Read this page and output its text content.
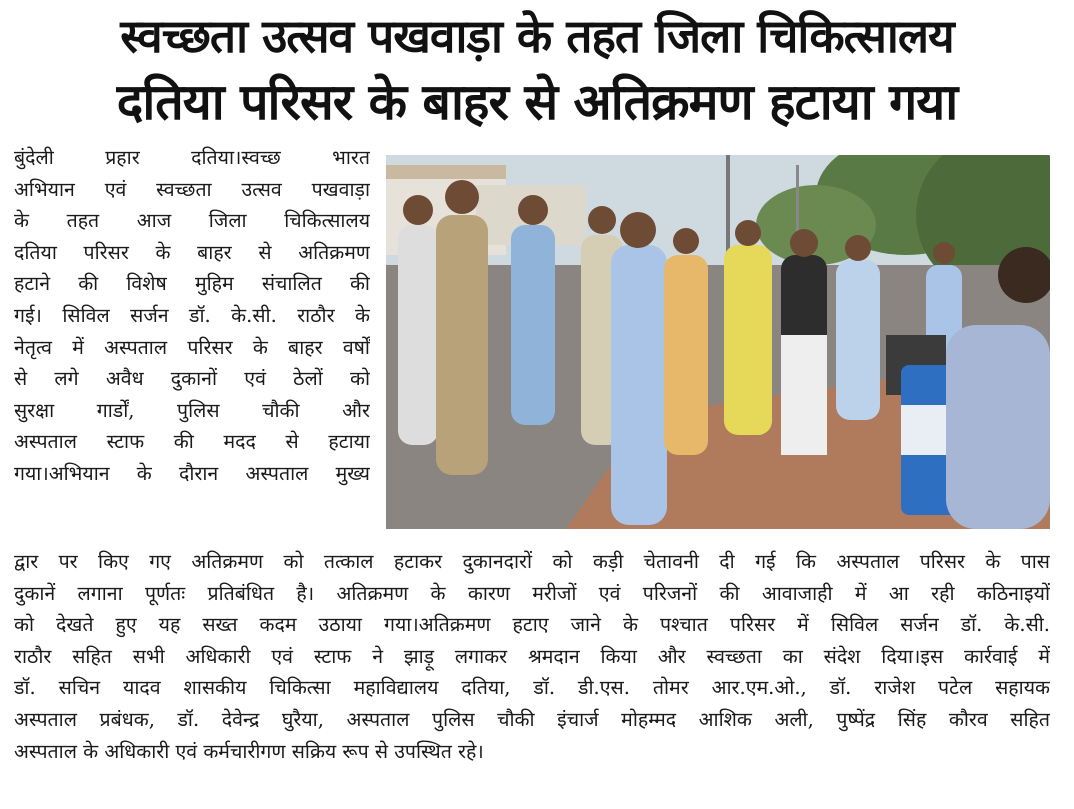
स्वच्छता उत्सव पखवाड़ा के तहत जिला चिकित्सालय
दतिया परिसर के बाहर से अतिक्रमण हटाया गया
बुंदेली प्रहार दतिया।स्वच्छ भारत
अभियान एवं स्वच्छता उत्सव पखवाड़ा
के तहत आज जिला चिकित्सालय
दतिया परिसर के बाहर से अतिक्रमण
हटाने की विशेष मुहिम संचालित की
गई। सिविल सर्जन डॉ. के.सी. राठौर के
नेतृत्व में अस्पताल परिसर के बाहर वर्षों
से लगे अवैध दुकानों एवं ठेलों को
सुरक्षा गार्डों, पुलिस चौकी और
अस्पताल स्टाफ की मदद से हटाया
गया।अभियान के दौरान अस्पताल मुख्य
द्वार पर किए गए अतिक्रमण को तत्काल हटाकर दुकानदारों को कड़ी चेतावनी दी गई कि अस्पताल परिसर के पास
दुकानें लगाना पूर्णतः प्रतिबंधित है। अतिक्रमण के कारण मरीजों एवं परिजनों की आवाजाही में आ रही कठिनाइयों
को देखते हुए यह सख्त कदम उठाया गया।अतिक्रमण हटाए जाने के पश्चात परिसर में सिविल सर्जन डॉ. के.सी.
राठौर सहित सभी अधिकारी एवं स्टाफ ने झाड़ू लगाकर श्रमदान किया और स्वच्छता का संदेश दिया।इस कार्रवाई में
डॉ. सचिन यादव शासकीय चिकित्सा महाविद्यालय दतिया, डॉ. डी.एस. तोमर आर.एम.ओ., डॉ. राजेश पटेल सहायक
अस्पताल प्रबंधक, डॉ. देवेन्द्र घुरैया, अस्पताल पुलिस चौकी इंचार्ज मोहम्मद आशिक अली, पुष्पेंद्र सिंह कौरव सहित
अस्पताल के अधिकारी एवं कर्मचारीगण सक्रिय रूप से उपस्थित रहे।
